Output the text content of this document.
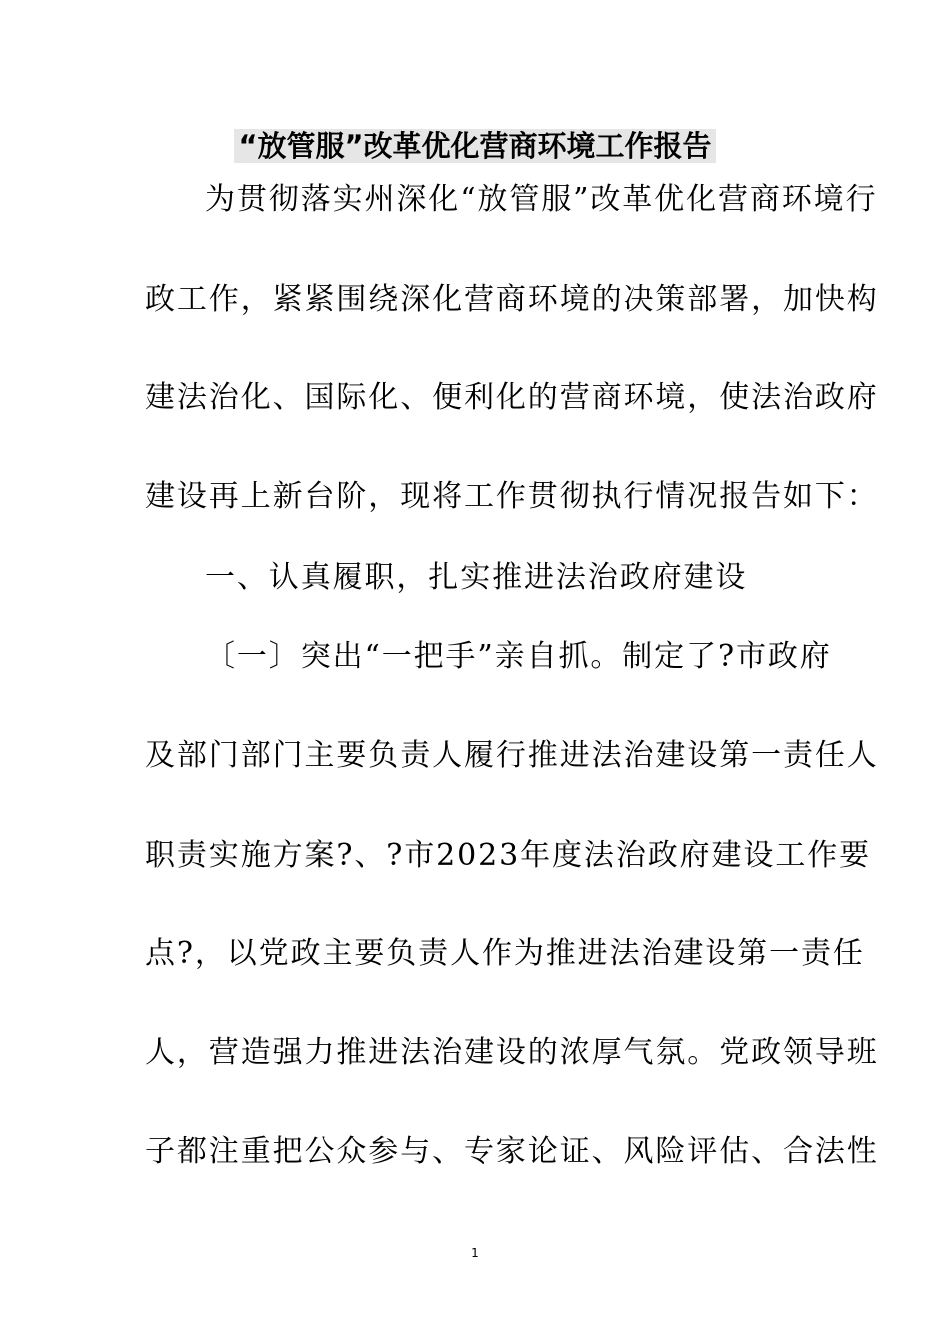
“放管服”改革优化营商环境工作报告
为贯彻落实州深化“放管服”改革优化营商环境行
政工作，紧紧围绕深化营商环境的决策部署，加快构
建法治化、国际化、便利化的营商环境，使法治政府
建设再上新台阶，现将工作贯彻执行情况报告如下：
一、认真履职，扎实推进法治政府建设
〔一〕突出“一把手”亲自抓。制定了?市政府
及部门部门主要负责人履行推进法治建设第一责任人
职责实施方案?、?市2023年度法治政府建设工作要
点?，以党政主要负责人作为推进法治建设第一责任
人，营造强力推进法治建设的浓厚气氛。党政领导班
子都注重把公众参与、专家论证、风险评估、合法性
1
